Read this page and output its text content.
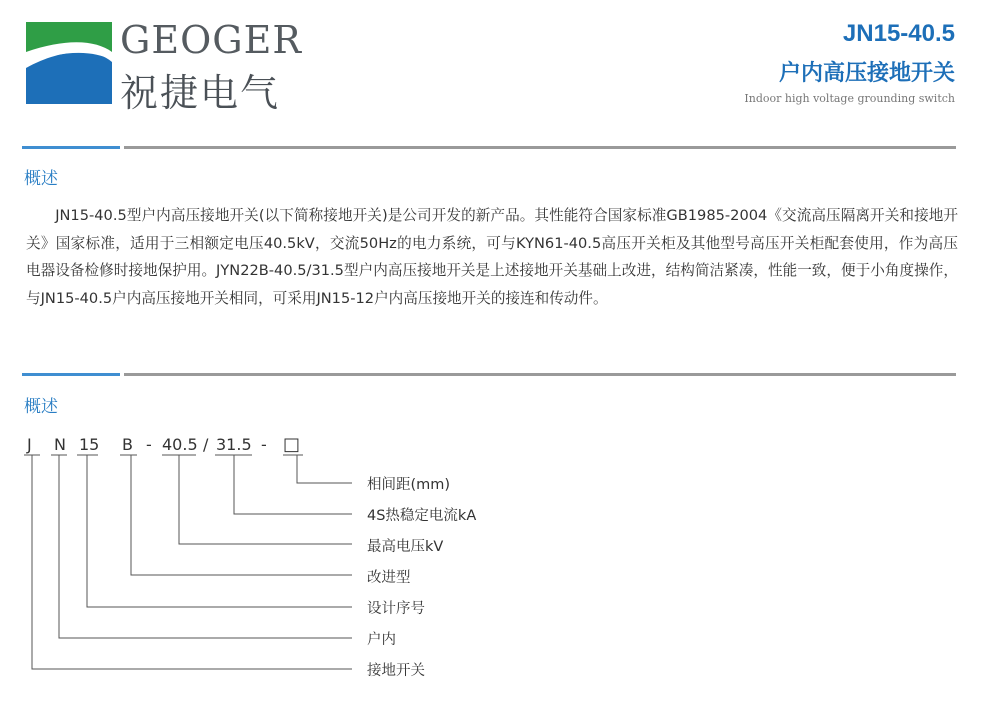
GEOGER
祝捷电气
JN15-40.5
户内高压接地开关
Indoor high voltage grounding switch
概述

JN15-40.5型户内高压接地开关(以下简称接地开关)是公司开发的新产品。其性能符合国家标准GB1985-2004《交流高压隔离开关和接地开关》国家标准，适用于三相额定电压40.5kV，交流50Hz的电力系统，可与KYN61-40.5高压开关柜及其他型号高压开关柜配套使用，作为高压电器设备检修时接地保护用。JYN22B-40.5/31.5型户内高压接地开关是上述接地开关基础上改进，结构简洁紧凑，性能一致，便于小角度操作，与JN15-40.5户内高压接地开关相同，可采用JN15-12户内高压接地开关的接连和传动件。

概述
J N 15 B - 40.5 / 31.5 - □
相间距(mm)
4S热稳定电流kA
最高电压kV
改进型
设计序号
户内
接地开关
